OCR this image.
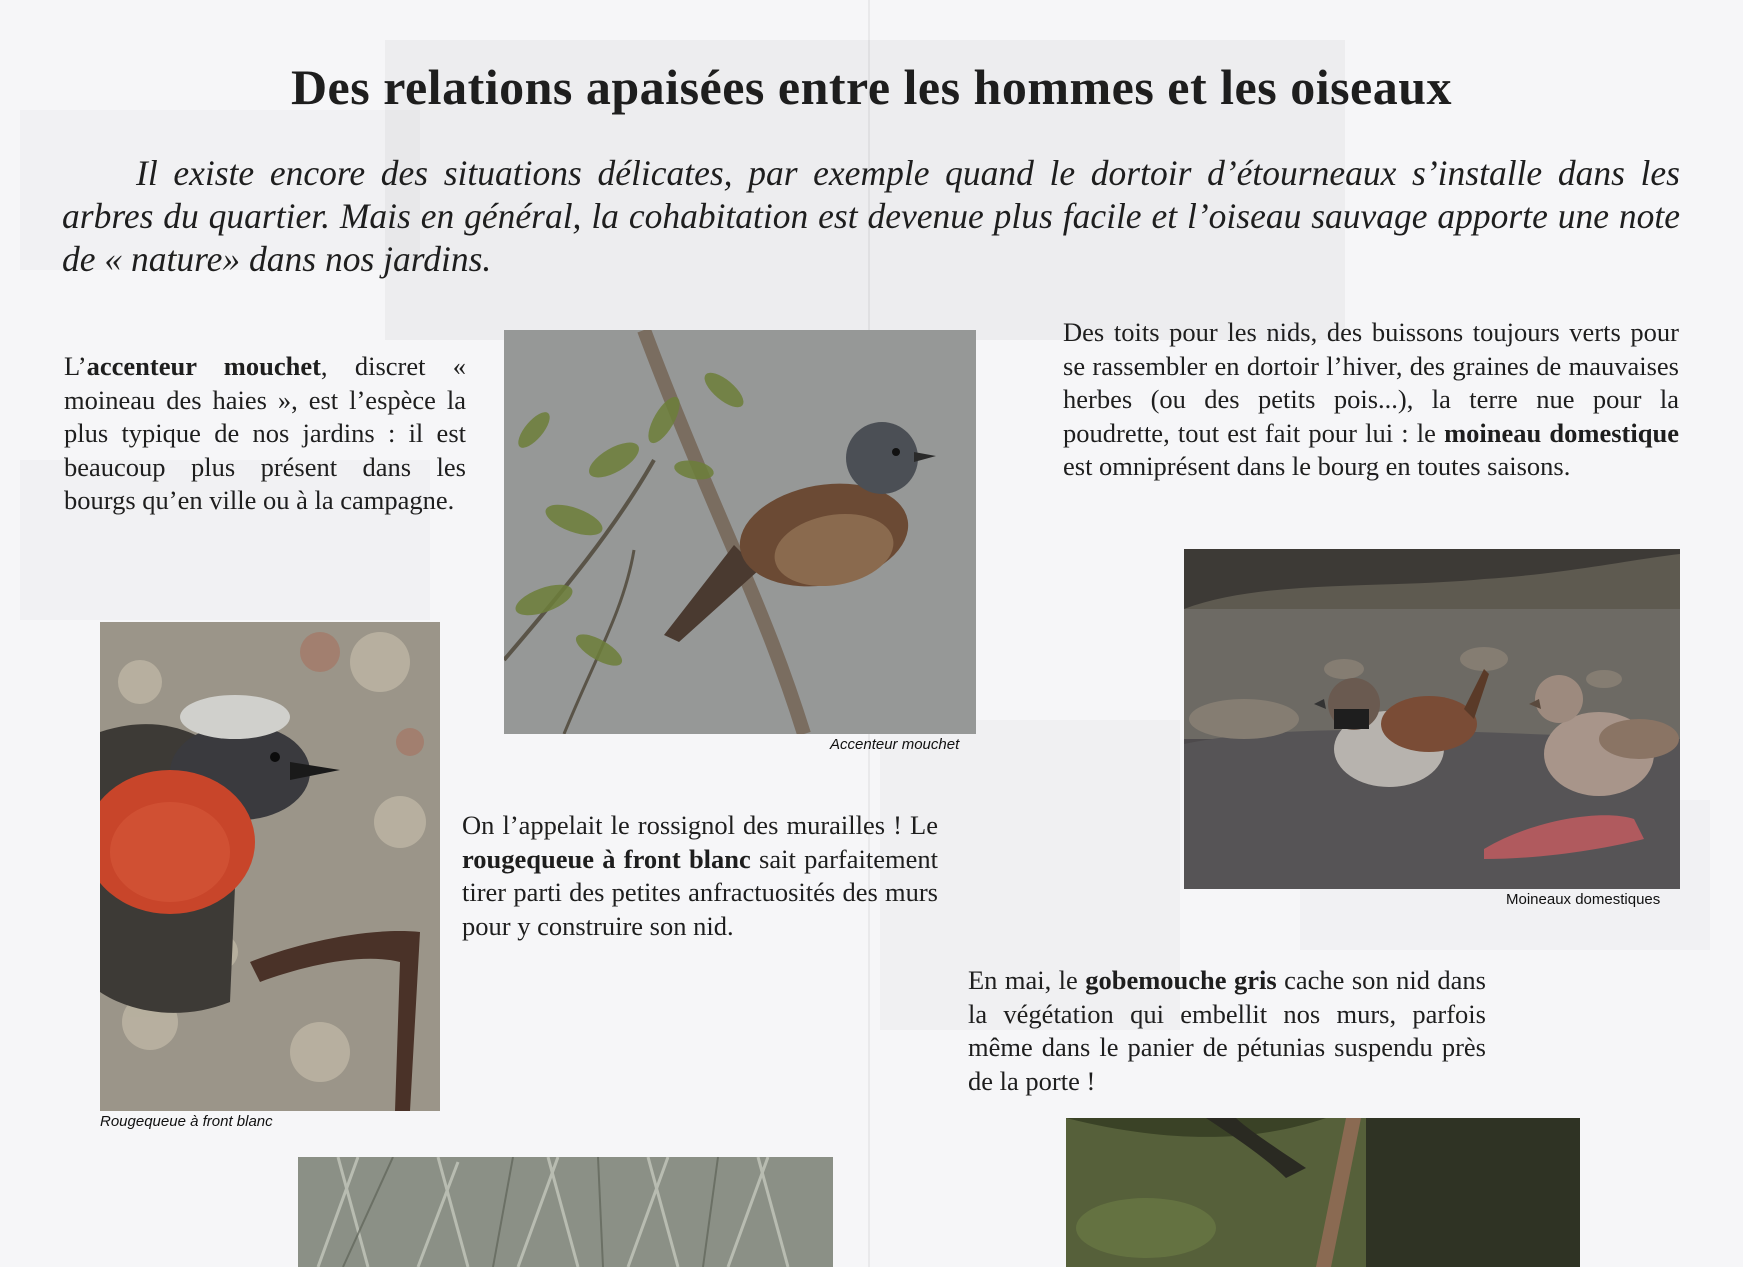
Des relations apaisées entre les hommes et les oiseaux

Il existe encore des situations délicates, par exemple quand le dortoir d’étourneaux s’installe dans les arbres du quartier. Mais en général, la cohabitation est devenue plus facile et l’oiseau sauvage apporte une note de « nature» dans nos jardins.

L’accenteur mouchet, discret « moineau des haies », est l’espèce la plus typique de nos jardins : il est beaucoup plus présent dans les bourgs qu’en ville ou à la campagne.

Accenteur mouchet

Des toits pour les nids, des buissons toujours verts pour se rassembler en dortoir l’hiver, des graines de mauvaises herbes (ou des petits pois...), la terre nue pour la poudrette, tout est fait pour lui : le moineau domestique est omniprésent dans le bourg en toutes saisons.

Moineaux domestiques
Rougequeue à front blanc

On l’appelait le rossignol des murailles ! Le rougequeue à front blanc sait parfaitement tirer parti des petites anfractuosités des murs pour y construire son nid.

En mai, le gobemouche gris cache son nid dans la végétation qui embellit nos murs, parfois même dans le panier de pétunias suspendu près de la porte !
